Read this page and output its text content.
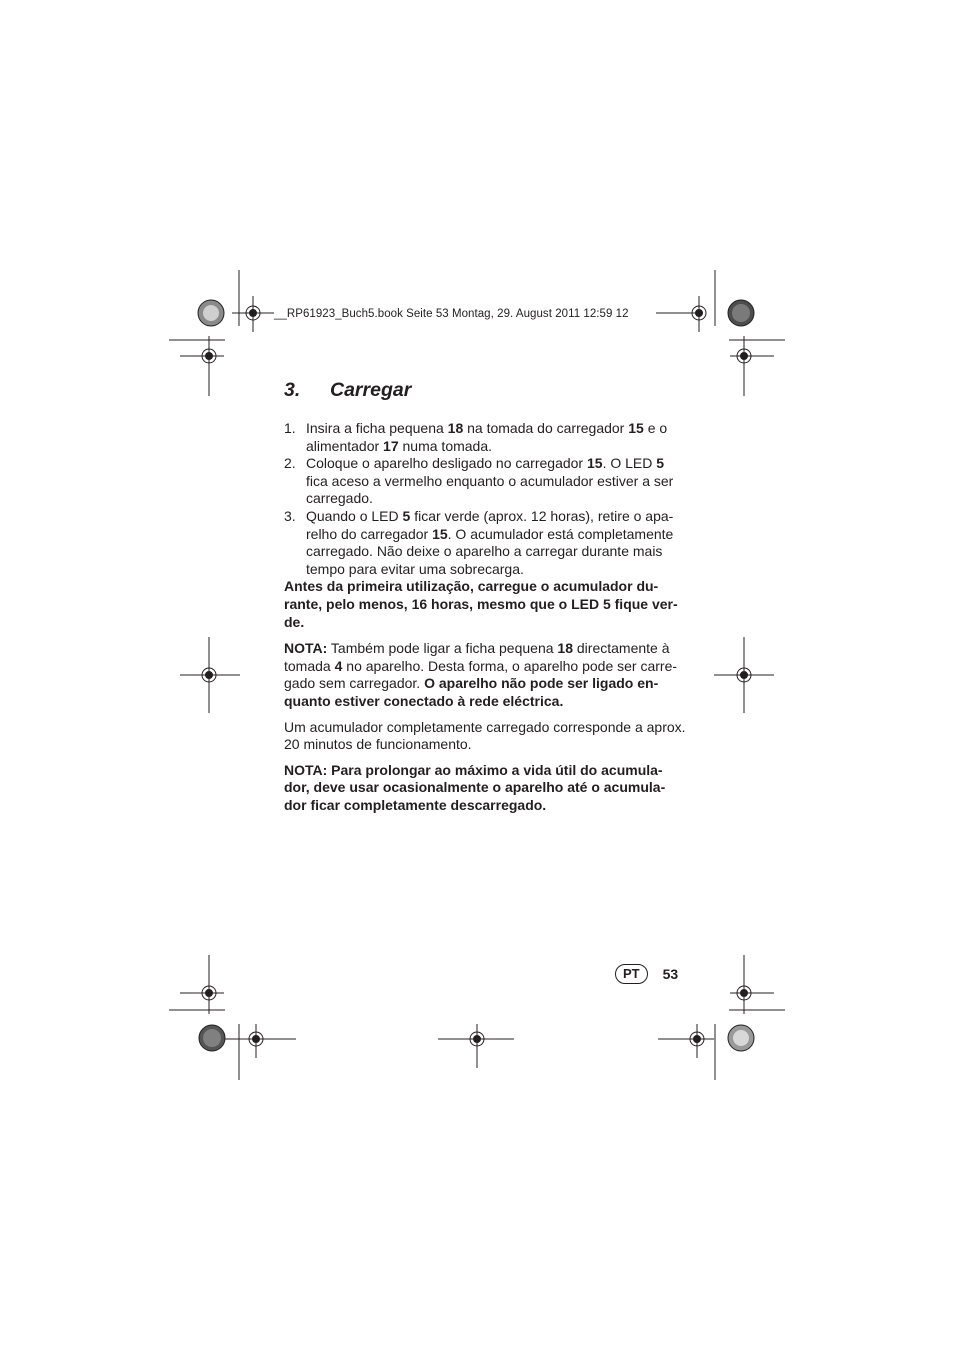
__RP61923_Buch5.book Seite 53 Montag, 29. August 2011 12:59 12
3.	Carregar
1. Insira a ficha pequena 18 na tomada do carregador 15 e o alimentador 17 numa tomada.
2. Coloque o aparelho desligado no carregador 15. O LED 5 fica aceso a vermelho enquanto o acumulador estiver a ser carregado.
3. Quando o LED 5 ficar verde (aprox. 12 horas), retire o apa-relho do carregador 15. O acumulador está completamente carregado. Não deixe o aparelho a carregar durante mais tempo para evitar uma sobrecarga.

Antes da primeira utilização, carregue o acumulador du-rante, pelo menos, 16 horas, mesmo que o LED 5 fique ver-de.

NOTA: Também pode ligar a ficha pequena 18 directamente à tomada 4 no aparelho. Desta forma, o aparelho pode ser carre-gado sem carregador. O aparelho não pode ser ligado en-quanto estiver conectado à rede eléctrica.

Um acumulador completamente carregado corresponde a aprox. 20 minutos de funcionamento.

NOTA: Para prolongar ao máximo a vida útil do acumula-dor, deve usar ocasionalmente o aparelho até o acumula-dor ficar completamente descarregado.

PT	53
